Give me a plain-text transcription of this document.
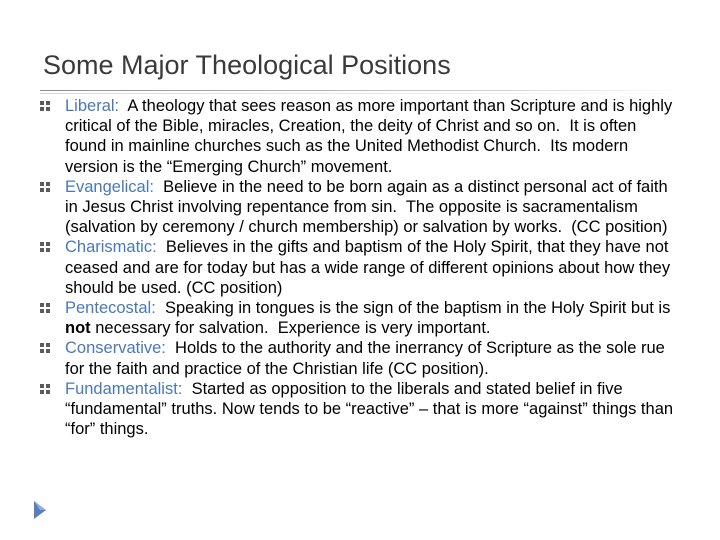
Some Major Theological Positions
Liberal:  A theology that sees reason as more important than Scripture and is highly critical of the Bible, miracles, Creation, the deity of Christ and so on.  It is often found in mainline churches such as the United Methodist Church.  Its modern version is the “Emerging Church” movement.
Evangelical:  Believe in the need to be born again as a distinct personal act of faith in Jesus Christ involving repentance from sin.  The opposite is sacramentalism (salvation by ceremony / church membership) or salvation by works.  (CC position)
Charismatic:  Believes in the gifts and baptism of the Holy Spirit, that they have not ceased and are for today but has a wide range of different opinions about how they should be used. (CC position)
Pentecostal:  Speaking in tongues is the sign of the baptism in the Holy Spirit but is not necessary for salvation.  Experience is very important.
Conservative:  Holds to the authority and the inerrancy of Scripture as the sole rue for the faith and practice of the Christian life (CC position).
Fundamentalist:  Started as opposition to the liberals and stated belief in five “fundamental” truths. Now tends to be “reactive” – that is more “against” things than “for” things.
